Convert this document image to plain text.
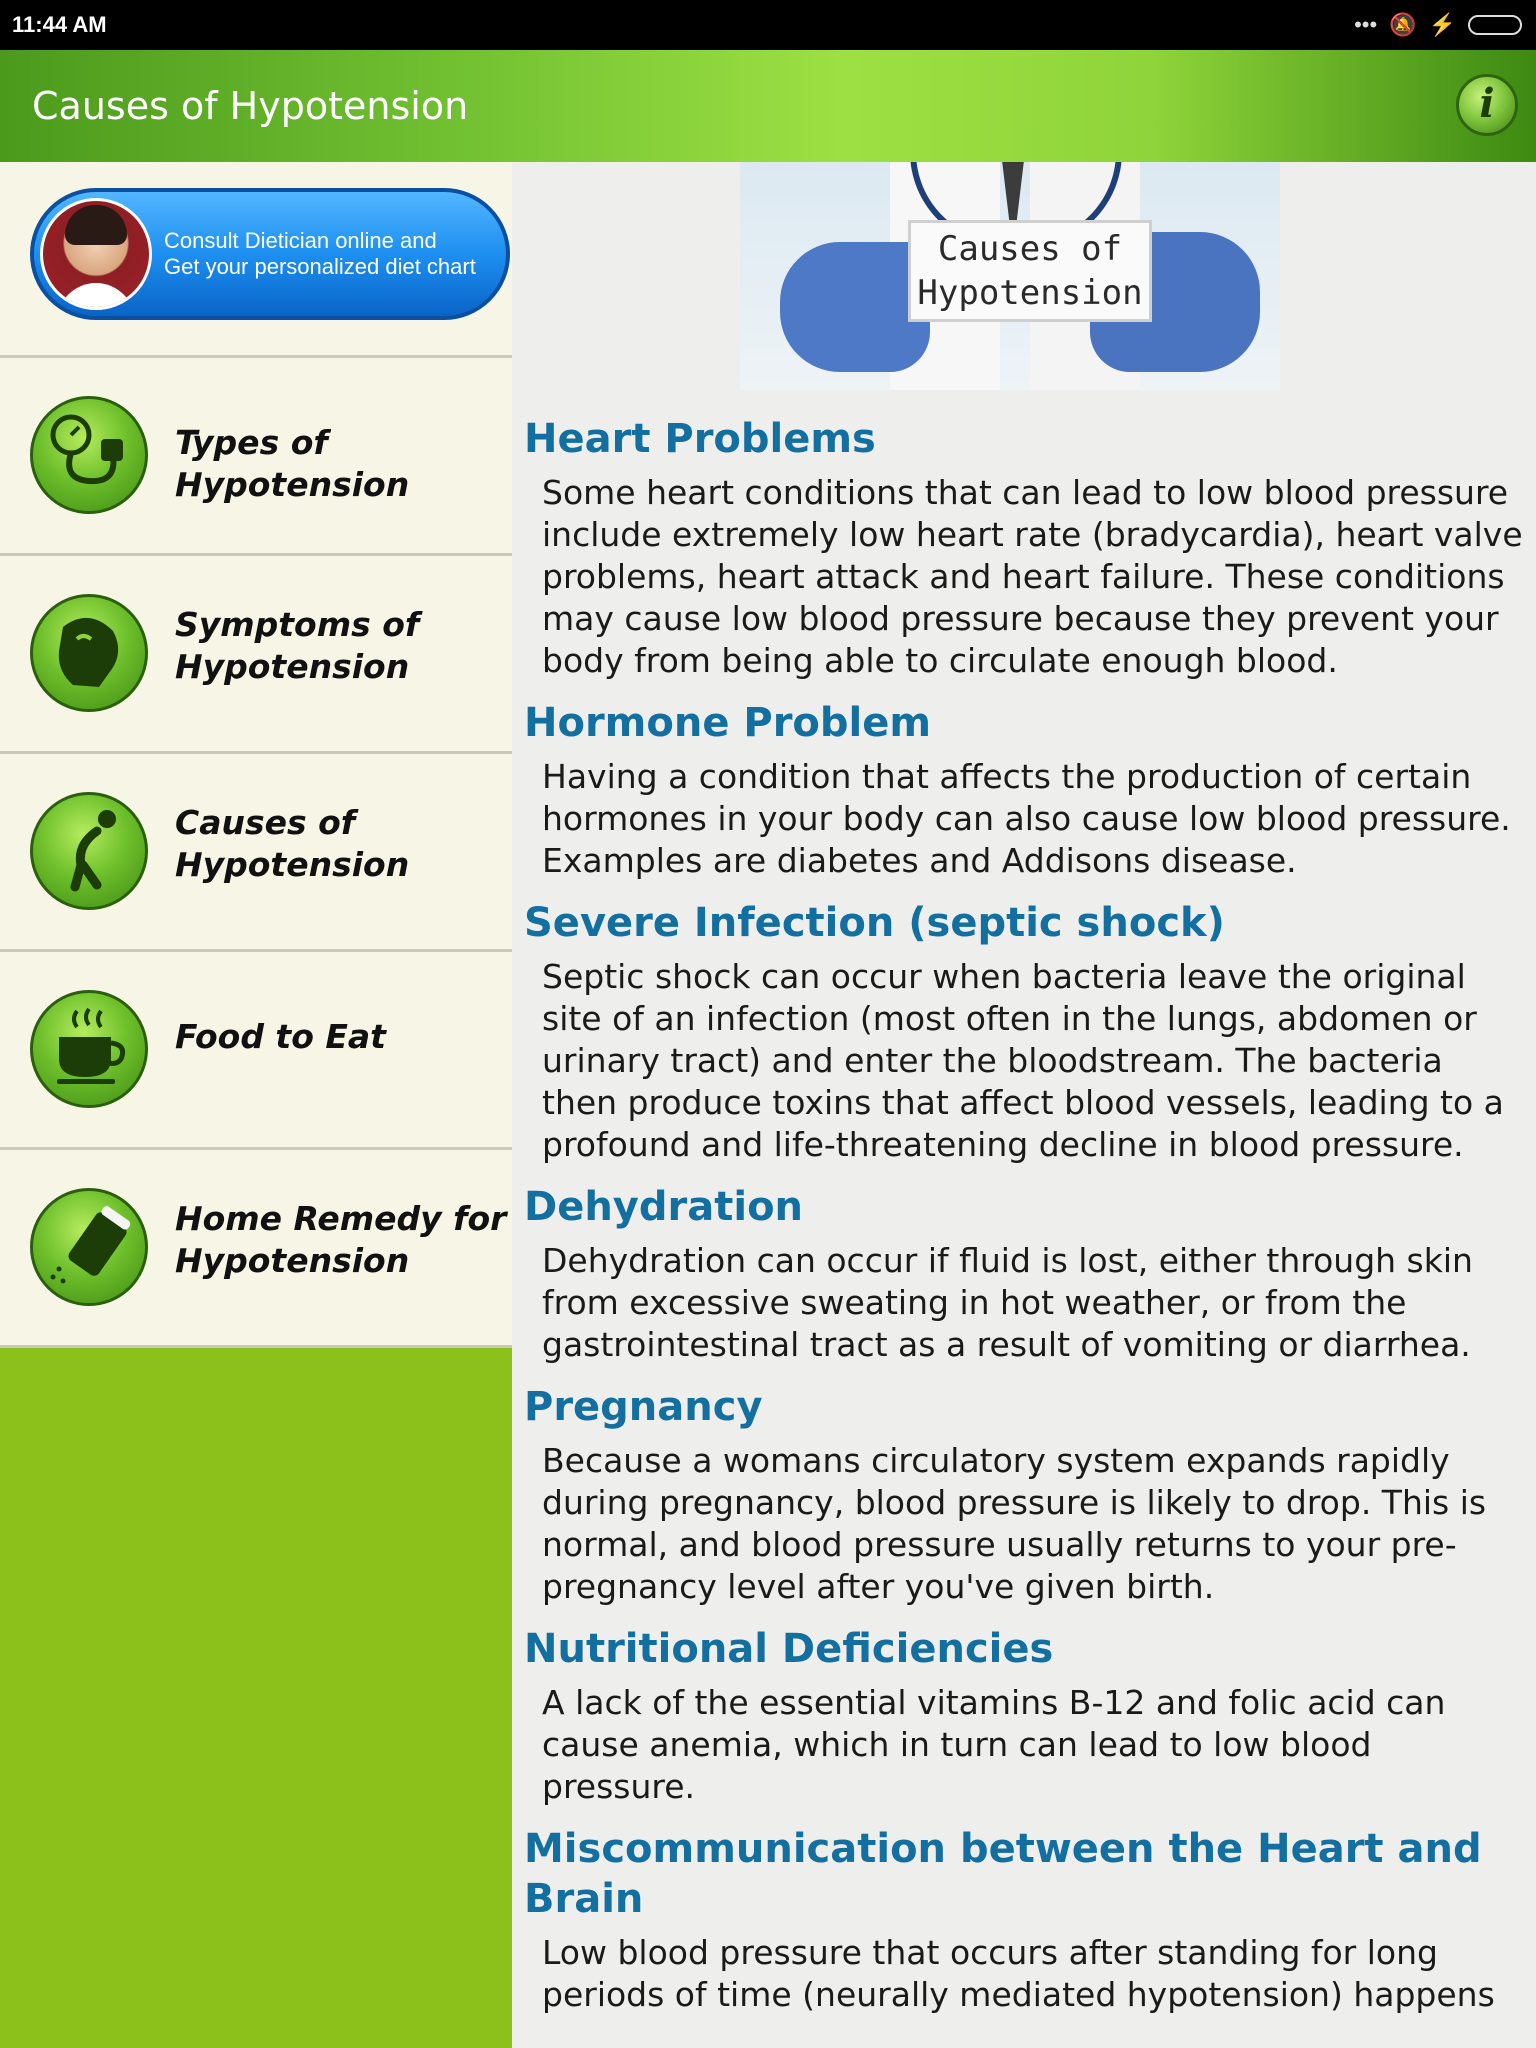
11:44 AM	••• 🔕 ⚡
Causes of Hypotension	i
Consult Dietician online and
Get your personalized diet chart
Types of Hypotension
Symptoms of Hypotension
Causes of Hypotension
Food to Eat
Home Remedy for Hypotension
Causes of
Hypotension
Heart Problems

Some heart conditions that can lead to low blood pressure include extremely low heart rate (bradycardia), heart valve problems, heart attack and heart failure. These conditions may cause low blood pressure because they prevent your body from being able to circulate enough blood.

Hormone Problem

Having a condition that affects the production of certain hormones in your body can also cause low blood pressure. Examples are diabetes and Addisons disease.

Severe Infection (septic shock)

Septic shock can occur when bacteria leave the original site of an infection (most often in the lungs, abdomen or urinary tract) and enter the bloodstream. The bacteria then produce toxins that affect blood vessels, leading to a profound and life-threatening decline in blood pressure.

Dehydration

Dehydration can occur if fluid is lost, either through skin from excessive sweating in hot weather, or from the gastrointestinal tract as a result of vomiting or diarrhea.

Pregnancy

Because a womans circulatory system expands rapidly during pregnancy, blood pressure is likely to drop. This is normal, and blood pressure usually returns to your pre-pregnancy level after you've given birth.

Nutritional Deficiencies

A lack of the essential vitamins B-12 and folic acid can cause anemia, which in turn can lead to low blood pressure.

Miscommunication between the Heart and Brain

Low blood pressure that occurs after standing for long periods of time (neurally mediated hypotension) happens
